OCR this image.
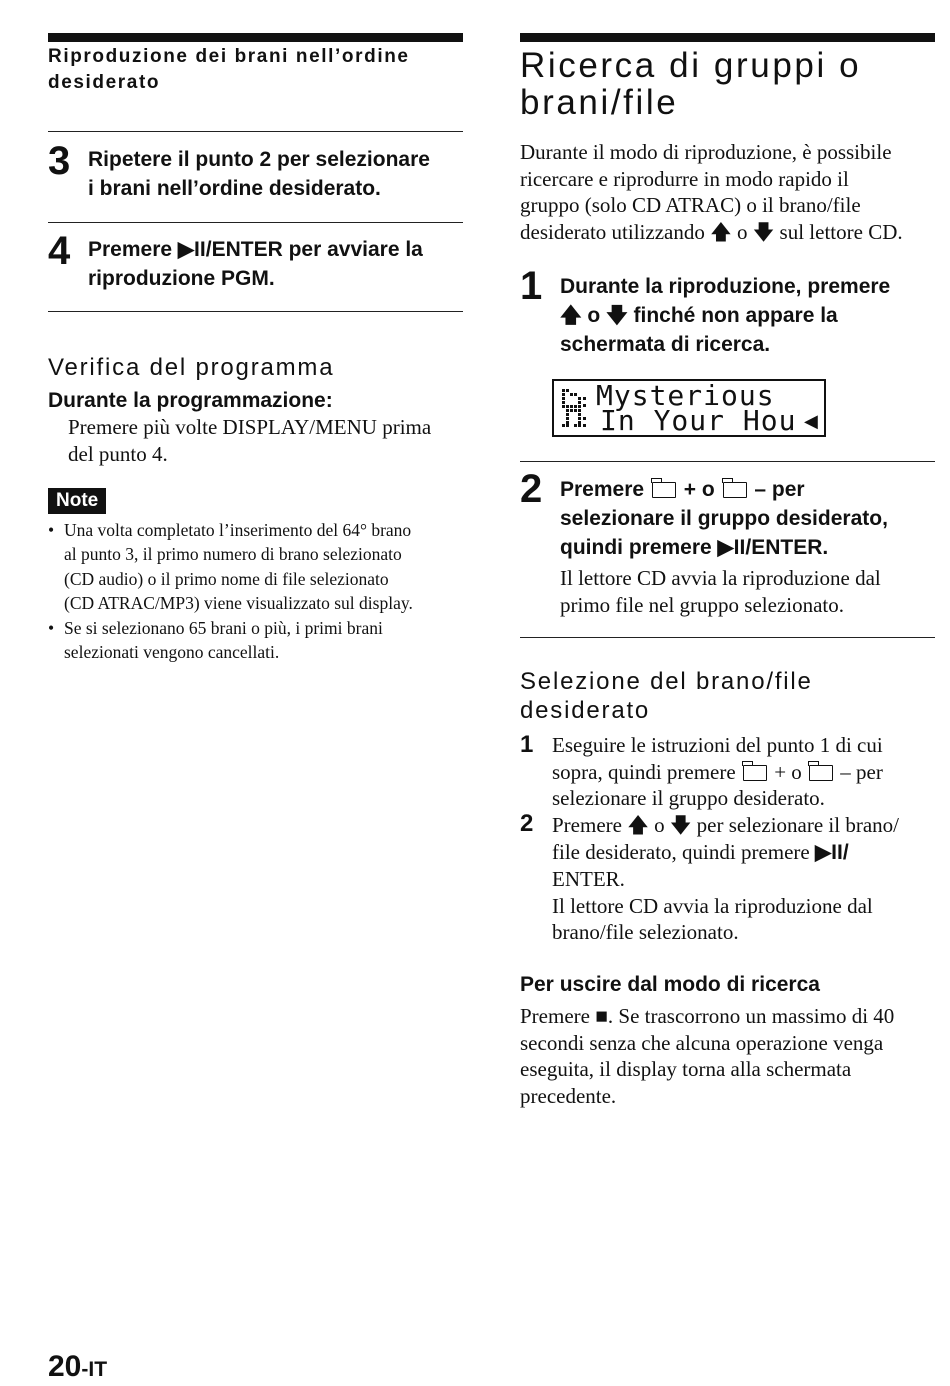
Riproduzione dei brani nell’ordine
desiderato
3 Ripetere il punto 2 per selezionare
i brani nell’ordine desiderato.
4 Premere ▶II/ENTER per avviare la
riproduzione PGM.
Verifica del programma
Durante la programmazione:
Premere più volte DISPLAY/MENU prima
del punto 4.
Note
• Una volta completato l’inserimento del 64° brano
al punto 3, il primo numero di brano selezionato
(CD audio) o il primo nome di file selezionato
(CD ATRAC/MP3) viene visualizzato sul display.
• Se si selezionano 65 brani o più, i primi brani
selezionati vengono cancellati.
20-IT
Ricerca di gruppi o
brani/file
Durante il modo di riproduzione, è possibile
ricercare e riprodurre in modo rapido il
gruppo (solo CD ATRAC) o il brano/file
desiderato utilizzando 🡅 o 🡇 sul lettore CD.
1 Durante la riproduzione, premere
🡅 o 🡇 finché non appare la
schermata di ricerca.
Mysterious
In Your Hou ◀
2 Premere  + o  – per
selezionare il gruppo desiderato,
quindi premere ▶II/ENTER.
Il lettore CD avvia la riproduzione dal
primo file nel gruppo selezionato.
Selezione del brano/file
desiderato
1 Eseguire le istruzioni del punto 1 di cui
sopra, quindi premere  + o  – per
selezionare il gruppo desiderato.
2 Premere 🡅 o 🡇 per selezionare il brano/
file desiderato, quindi premere ▶II/
ENTER.
Il lettore CD avvia la riproduzione dal
brano/file selezionato.
Per uscire dal modo di ricerca
Premere ■. Se trascorrono un massimo di 40
secondi senza che alcuna operazione venga
eseguita, il display torna alla schermata
precedente.
